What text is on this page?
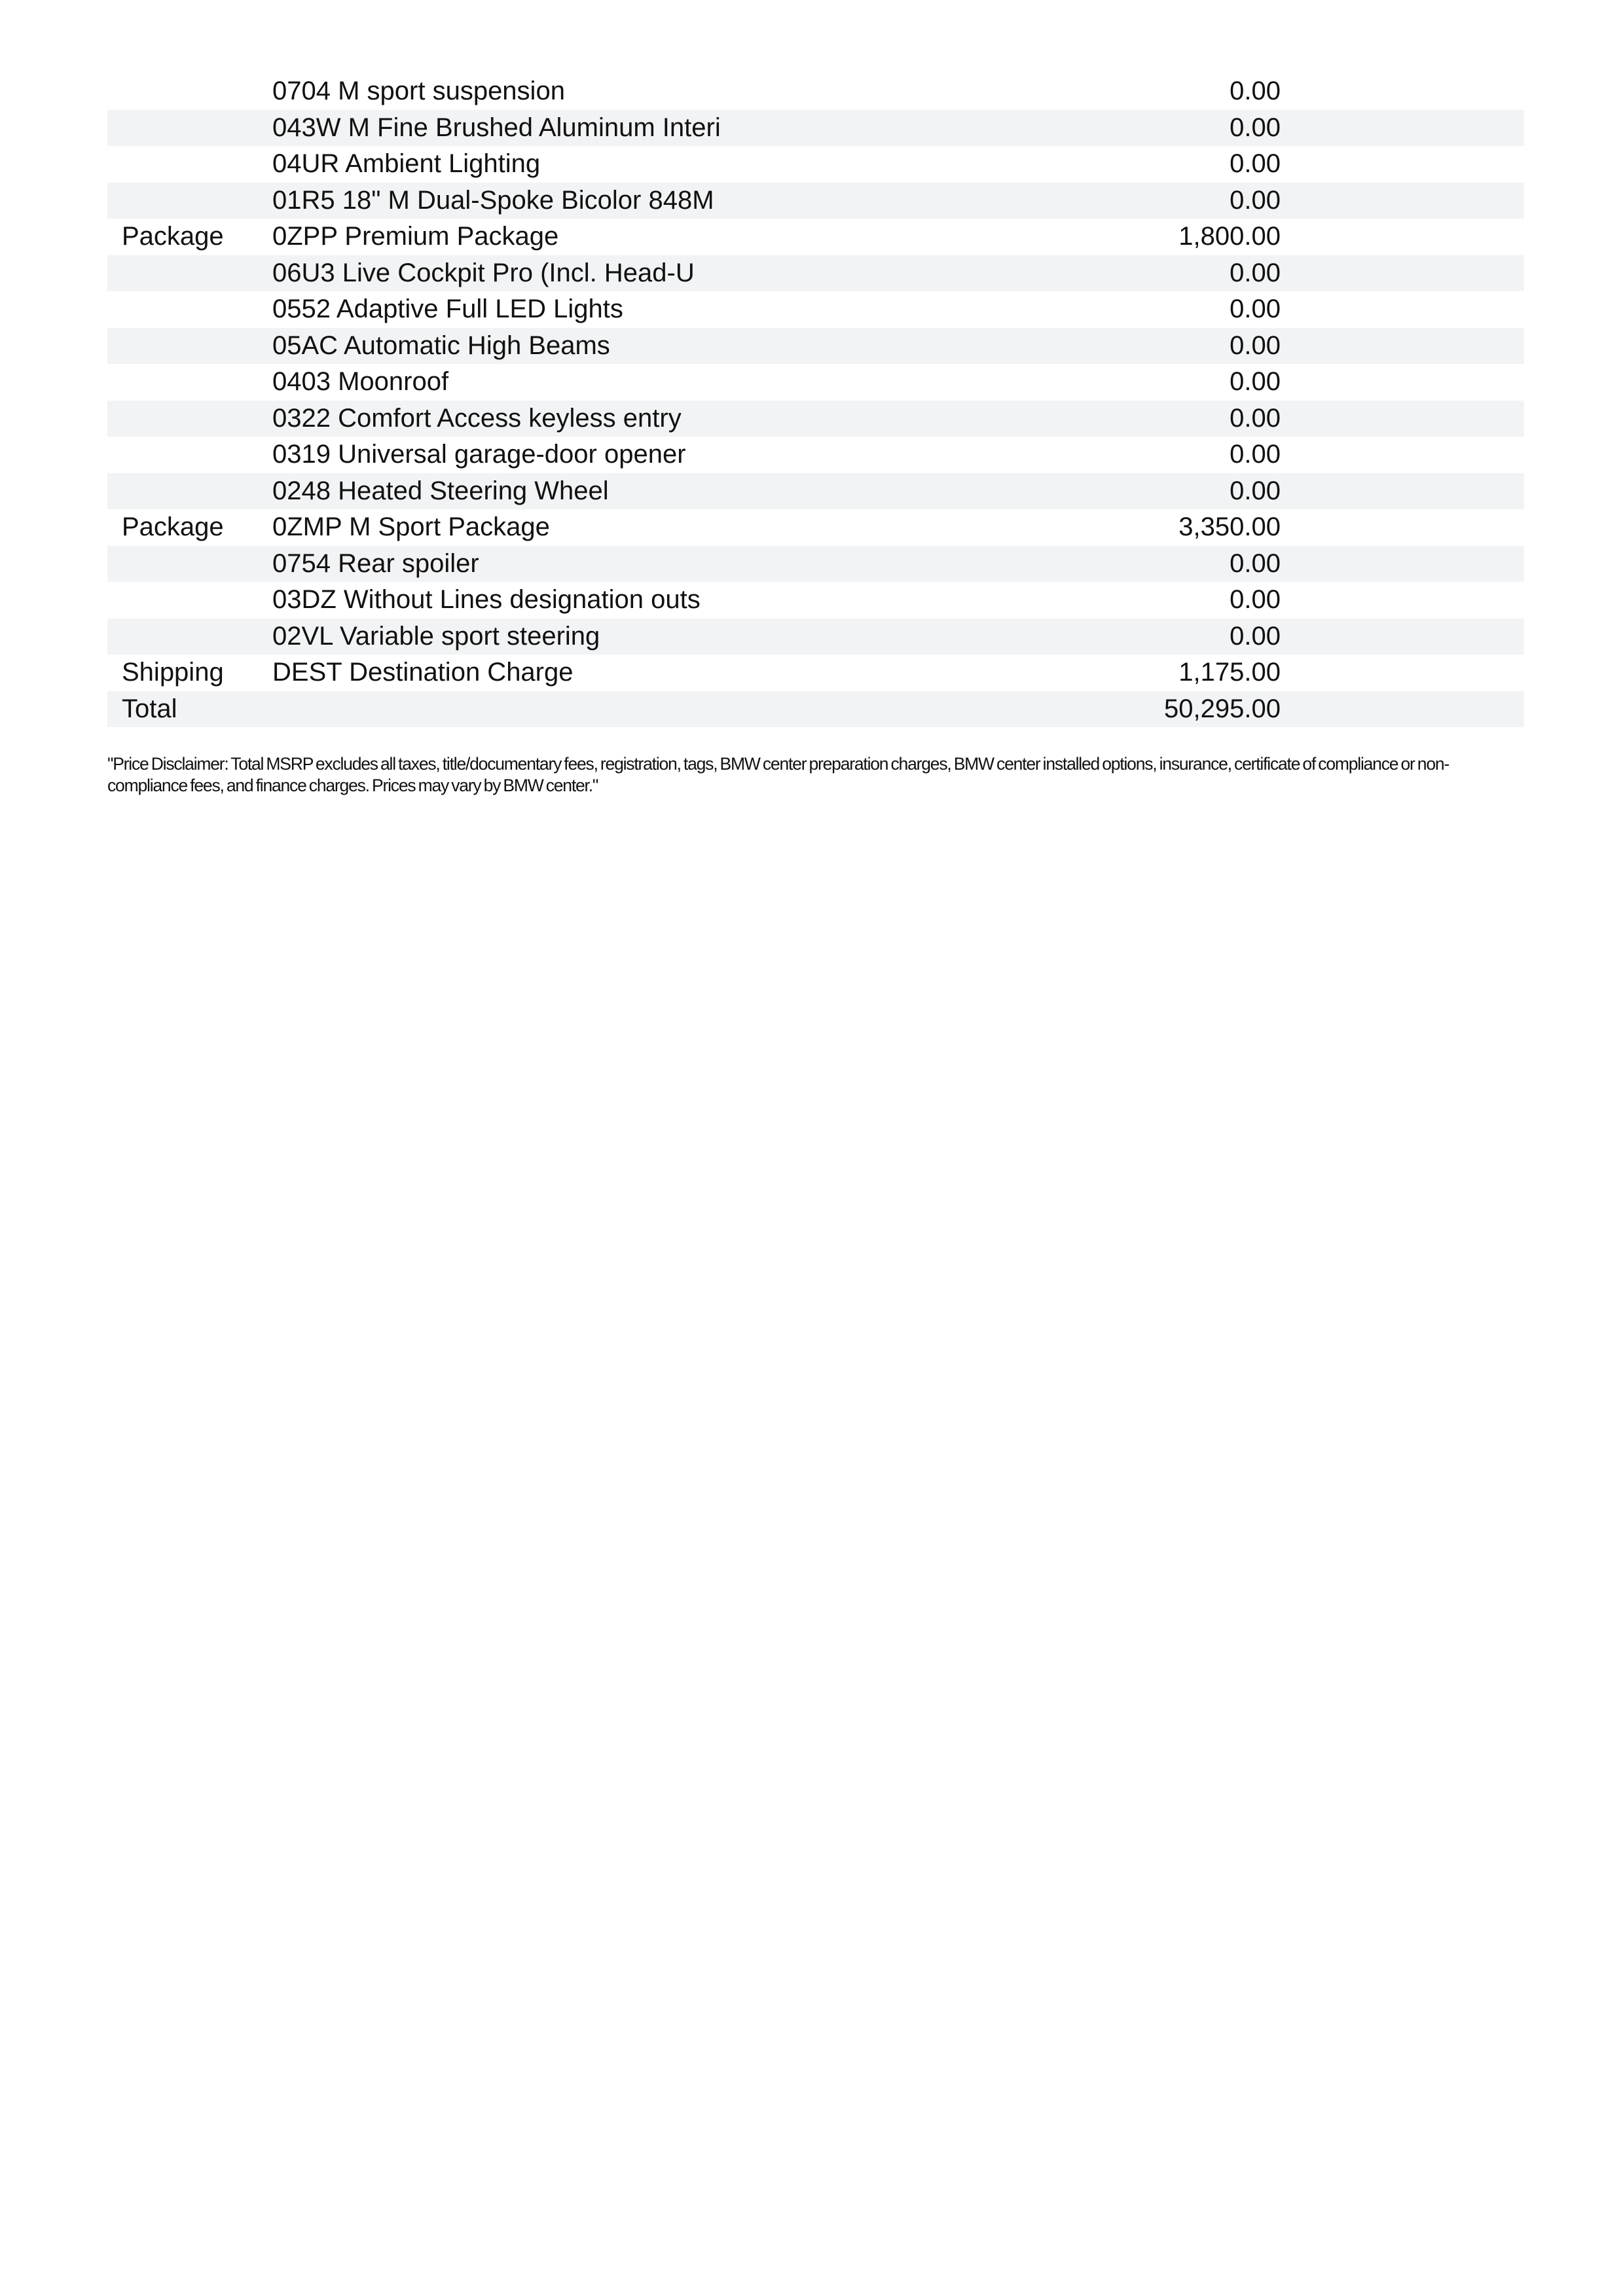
	0704 M sport suspension	0.00	
	043W M Fine Brushed Aluminum Interi	0.00	
	04UR Ambient Lighting	0.00	
	01R5 18" M Dual-Spoke Bicolor 848M	0.00	
Package	0ZPP Premium Package	1,800.00	
	06U3 Live Cockpit Pro (Incl. Head-U	0.00	
	0552 Adaptive Full LED Lights	0.00	
	05AC Automatic High Beams	0.00	
	0403 Moonroof	0.00	
	0322 Comfort Access keyless entry	0.00	
	0319 Universal garage-door opener	0.00	
	0248 Heated Steering Wheel	0.00	
Package	0ZMP M Sport Package	3,350.00	
	0754 Rear spoiler	0.00	
	03DZ Without Lines designation outs	0.00	
	02VL Variable sport steering	0.00	
Shipping	DEST Destination Charge	1,175.00	
Total		50,295.00	
"Price Disclaimer: Total MSRP excludes all taxes, title/documentary fees, registration, tags, BMW center preparation charges, BMW center installed options, insurance, certificate of compliance or non-compliance fees, and finance charges. Prices may vary by BMW center."
